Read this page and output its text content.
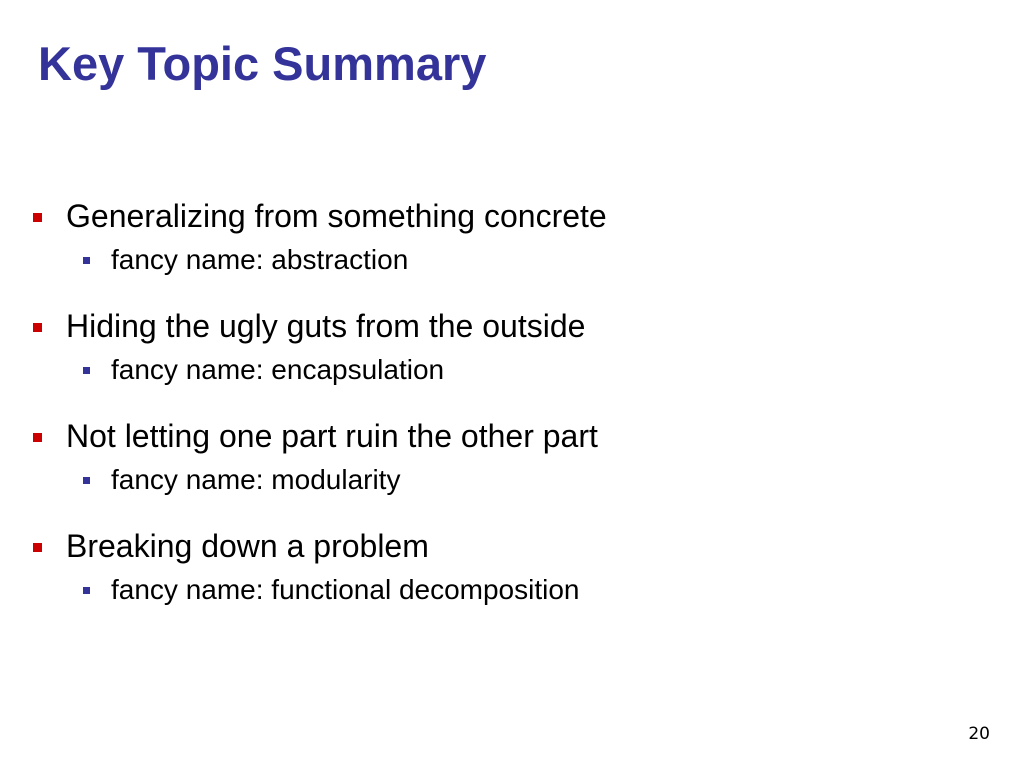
Key Topic Summary
Generalizing from something concrete
fancy name: abstraction
Hiding the ugly guts from the outside
fancy name: encapsulation
Not letting one part ruin the other part
fancy name: modularity
Breaking down a problem
fancy name: functional decomposition
20
